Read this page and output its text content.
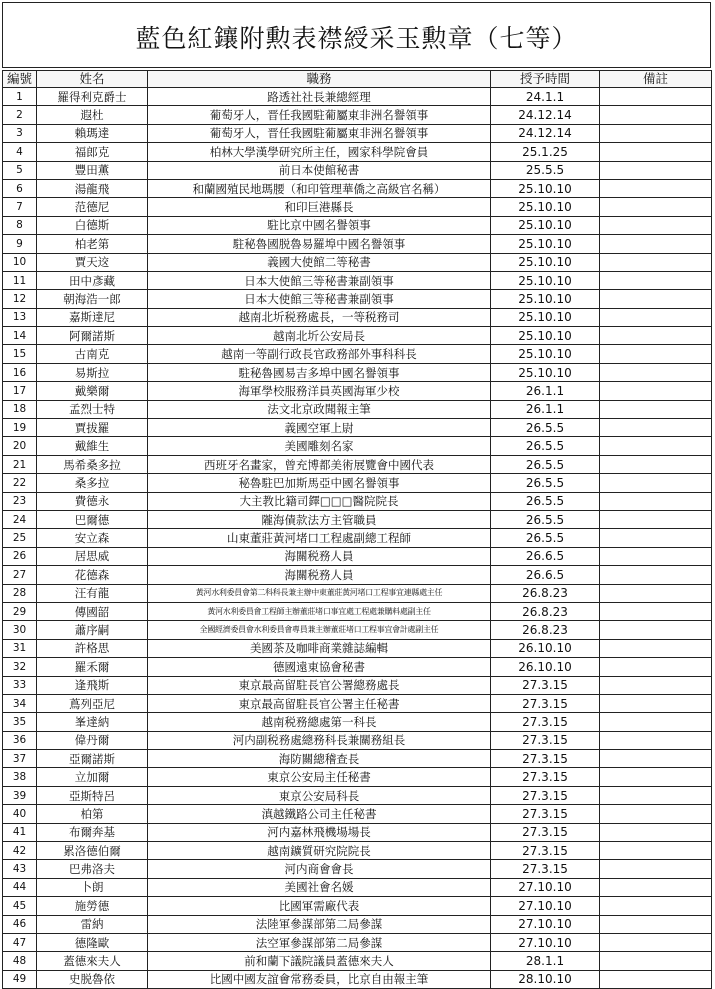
藍色紅鑲附勲表襟綬采玉勲章（七等）
編號	姓名	職務	授予時間	備註
1	羅得利克爵士	路透社社長兼總經理	24.1.1	
2	遐杜	葡萄牙人，晋任我國駐葡屬東非洲名譽領事	24.12.14	
3	賴瑪達	葡萄牙人，晋任我國駐葡屬東非洲名譽領事	24.12.14	
4	福郎克	柏林大學漢學研究所主任，國家科學院會員	25.1.25	
5	豐田薫	前日本使館秘書	25.5.5	
6	湯龍飛	和蘭國殖民地瑪腰（和印管理華僑之高級官名稱）	25.10.10	
7	范德尼	和印巨港縣長	25.10.10	
8	白德斯	駐比京中國名譽領事	25.10.10	
9	柏老第	駐秘魯國脱魯易羅埠中國名譽領事	25.10.10	
10	賈天䢒	義國大使館二等秘書	25.10.10	
11	田中彥藏	日本大使館三等秘書兼副領事	25.10.10	
12	朝海浩一郎	日本大使館三等秘書兼副領事	25.10.10	
13	嘉斯達尼	越南北圻税務處長，一等税務司	25.10.10	
14	阿爾諾斯	越南北圻公安局長	25.10.10	
15	古南克	越南一等副行政長官政務部外事科科長	25.10.10	
16	易斯拉	駐秘魯國易吉多埠中國名譽領事	25.10.10	
17	戴樂爾	海軍學校服務洋員英國海軍少校	26.1.1	
18	孟烈士特	法文北京政聞報主筆	26.1.1	
19	賈拔羅	義國空軍上尉	26.5.5	
20	戴維生	美國雕刻名家	26.5.5	
21	馬希桑多拉	西班牙名畫家，曾充博都美術展覽會中國代表	26.5.5	
22	桑多拉	秘魯駐巴加斯馬亞中國名譽領事	26.5.5	
23	費德永	大主教比籍司鐸□□□醫院院長	26.5.5	
24	巴爾德	隴海債款法方主管職員	26.5.5	
25	安立森	山東董莊黃河堵口工程處副總工程師	26.5.5	
26	居思威	海關税務人員	26.6.5	
27	花德森	海關税務人員	26.6.5	
28	汪有龍	黃河水利委員會第二科科長兼主辦中東董莊黃河堵口工程事宜連縣處主任	26.8.23	
29	傳國韶	黃河水利委員會工程師主辦董莊堵口事宜處工程處兼購料處副主任	26.8.23	
30	蕭序嗣	全國經濟委員會水利委員會專員兼主辦董莊堵口工程事宜會計處副主任	26.8.23	
31	許格思	美國茶及咖啡商業雜誌編輯	26.10.10	
32	羅禾爾	德國遠東協會秘書	26.10.10	
33	逢飛斯	東京最高留駐長官公署總務處長	27.3.15	
34	蔦列亞尼	東京最高留駐長官公署主任秘書	27.3.15	
35	峯達納	越南税務總處第一科長	27.3.15	
36	偉丹爾	河内副税務處總務科長兼關務組長	27.3.15	
37	亞爾諾斯	海防關總稽查長	27.3.15	
38	立加爾	東京公安局主任秘書	27.3.15	
39	亞斯特呂	東京公安局科長	27.3.15	
40	柏第	滇越鐵路公司主任秘書	27.3.15	
41	布爾奔基	河内嘉林飛機場場長	27.3.15	
42	累洛德伯爾	越南鑛質研究院院長	27.3.15	
43	巴弗洛夫	河内商會會長	27.3.15	
44	卜朗	美國社會名媛	27.10.10	
45	施勞德	比國軍需廠代表	27.10.10	
46	雷納	法陸軍參謀部第二局參謀	27.10.10	
47	德隆歐	法空軍參謀部第二局參謀	27.10.10	
48	蓋德來夫人	前和蘭下議院議員蓋德來夫人	28.1.1	
49	史脱魯依	比國中國友誼會常務委員，比京自由報主筆	28.10.10	
